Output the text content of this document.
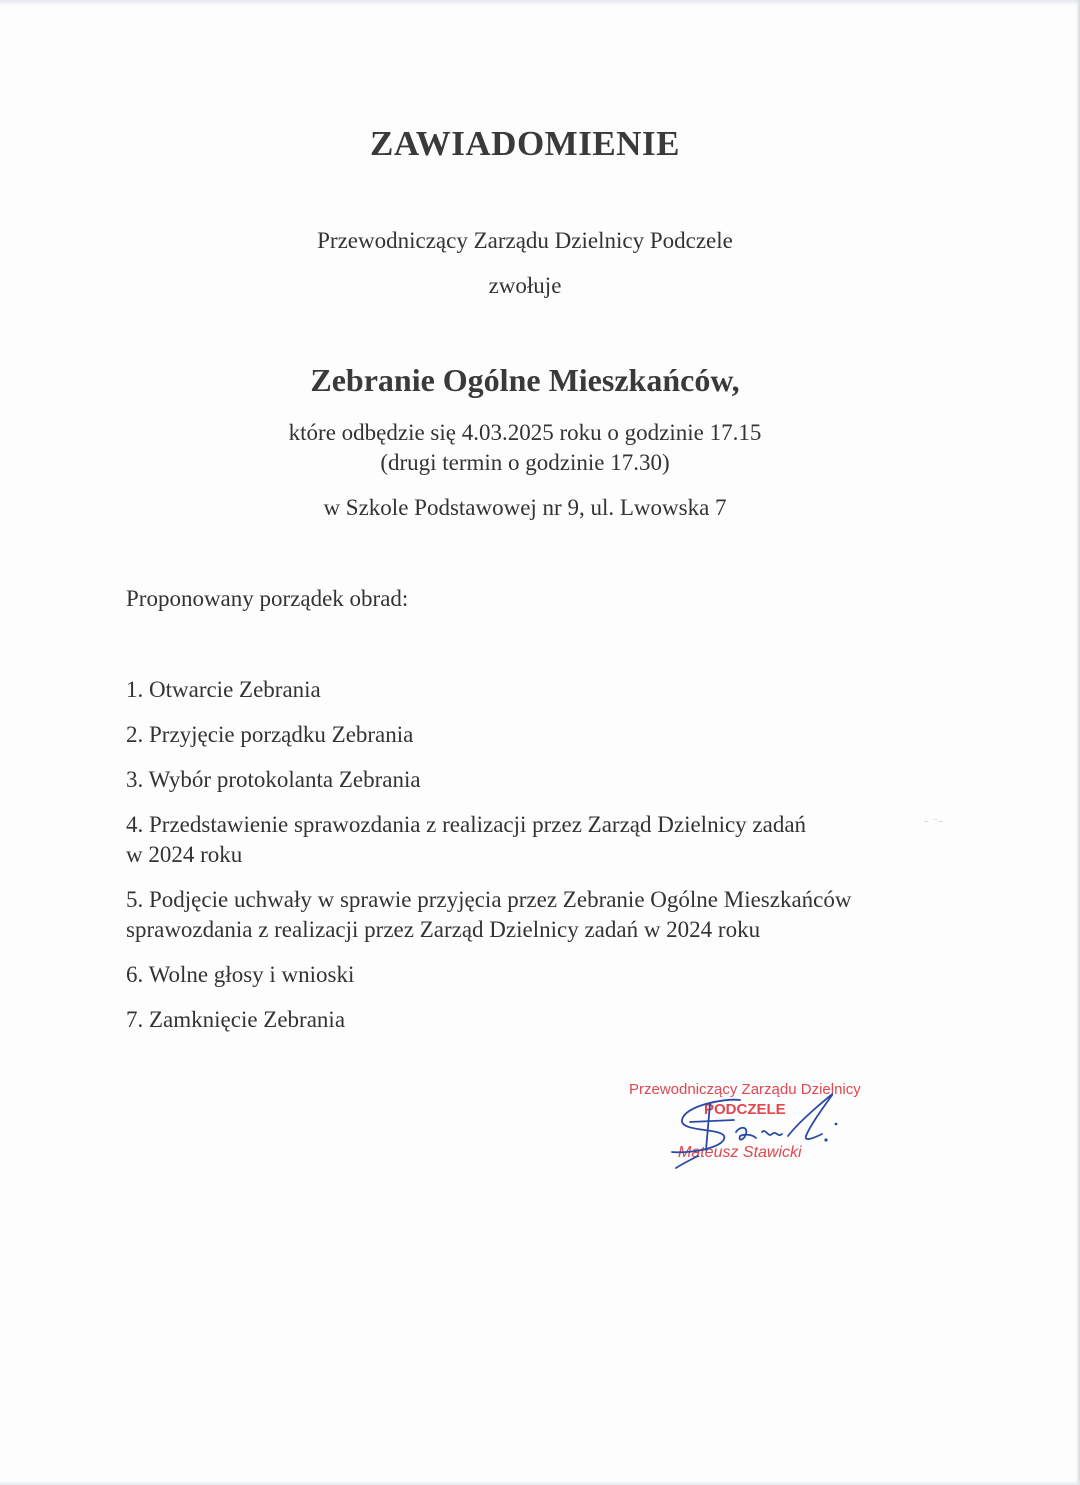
ZAWIADOMIENIE
Przewodniczący Zarządu Dzielnicy Podczele
zwołuje
Zebranie Ogólne Mieszkańców,
które odbędzie się 4.03.2025 roku o godzinie 17.15
(drugi termin o godzinie 17.30)
w Szkole Podstawowej nr 9, ul. Lwowska 7
Proponowany porządek obrad:
1. Otwarcie Zebrania
2. Przyjęcie porządku Zebrania
3. Wybór protokolanta Zebrania
4. Przedstawienie sprawozdania z realizacji przez Zarząd Dzielnicy zadań
w 2024 roku
5. Podjęcie uchwały w sprawie przyjęcia przez Zebranie Ogólne Mieszkańców
sprawozdania z realizacji przez Zarząd Dzielnicy zadań w 2024 roku
6. Wolne głosy i wnioski
7. Zamknięcie Zebrania
- ⁻-
Przewodniczący Zarządu Dzielnicy
PODCZELE
Mateusz Stawicki
